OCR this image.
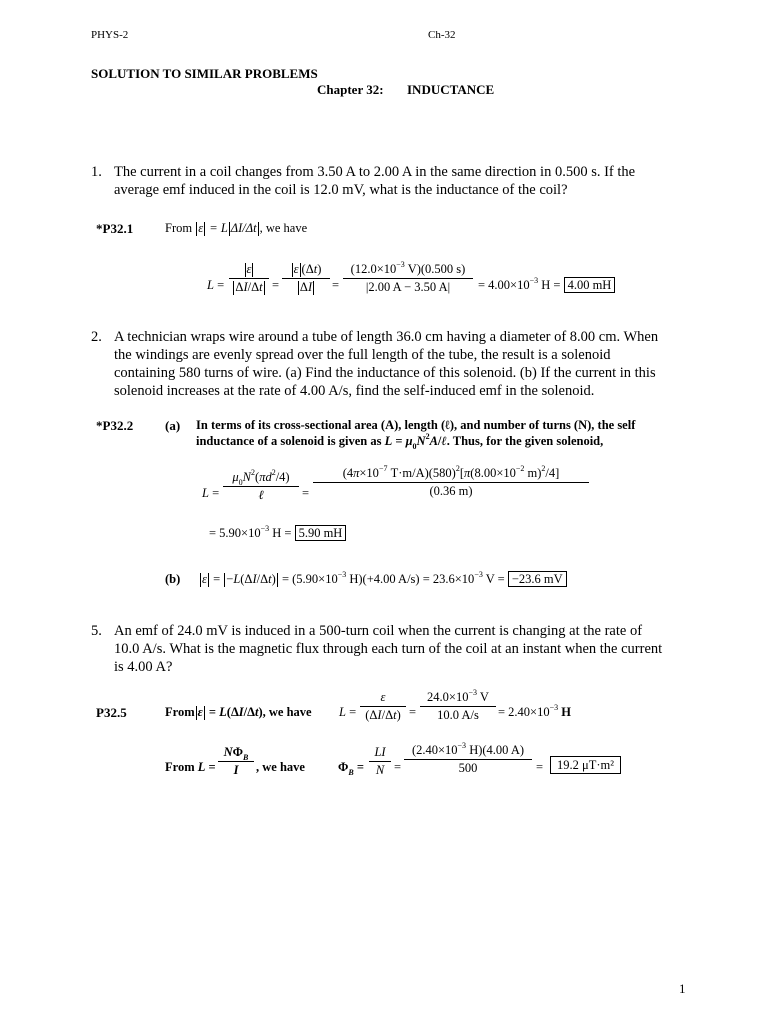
PHYS-2	Ch-32
SOLUTION TO SIMILAR PROBLEMS
Chapter 32: INDUCTANCE
1. The current in a coil changes from 3.50 A to 2.00 A in the same direction in 0.500 s. If the
average emf induced in the coil is 12.0 mV, what is the inductance of the coil?
*P32.1	From ε = L ΔI/Δt , we have
L =
ε
ΔI/Δt =
ε (Δt)
ΔI	=
($12.0\times 10^{-3}$ V)(0.500 s)
|2.00 A − 3.50 A|	= $4.00\times 10^{-3}$ H = 4.00 mH
2. A technician wraps wire around a tube of length 36.0 cm having a diameter of 8.00 cm. When
the windings are evenly spread over the full length of the tube, the result is a solenoid
containing 580 turns of wire. (a) Find the inductance of this solenoid. (b) If the current in this
solenoid increases at the rate of 4.00 A/s, find the self-induced emf in the solenoid.
*P32.2 (a) In terms of its cross-sectional area (A), length (ℓ), and number of turns (N), the self
inductance of a solenoid is given as $L = \mu_0N^2A/\ell$. Thus, for the given solenoid,
L =
$\mu_0N^2(\pi d^2/4)$
ℓ	=
($4\pi\times 10^{-7}$ $T\cdot m/A)(580)^2[\pi(8.00\times 10^{-2}$ m)$^2$/4]
(0.36 m)
= $5.90\times 10^{-3}$ H = 5.90 mH
(b) $\varepsilon = -L(\Delta I/\Delta t) = (5.90\times 10^{-3}$ H)(+4.00 $A/s) = 23.6\times 10^{-3}$ V = −23.6 mV
5. An emf of 24.0 mV is induced in a 500-turn coil when the current is changing at the rate of
10.0 A/s. What is the magnetic flux through each turn of the coil at an instant when the current
is 4.00 A?
P32.5	From ε = L(ΔI/Δt), we have L =
ε
(ΔI/Δt) =
$24.0\times 10^{-3}$ V
10.0 A/s	= $2.40\times 10^{-3}$ H
From L =
$N\Phi_B$
I	, we have	$\Phi_B$ =
LI
N =
($2.40\times 10^{-3}$ H)(4.00 A)
500	=	19.2 μT·m²
1
